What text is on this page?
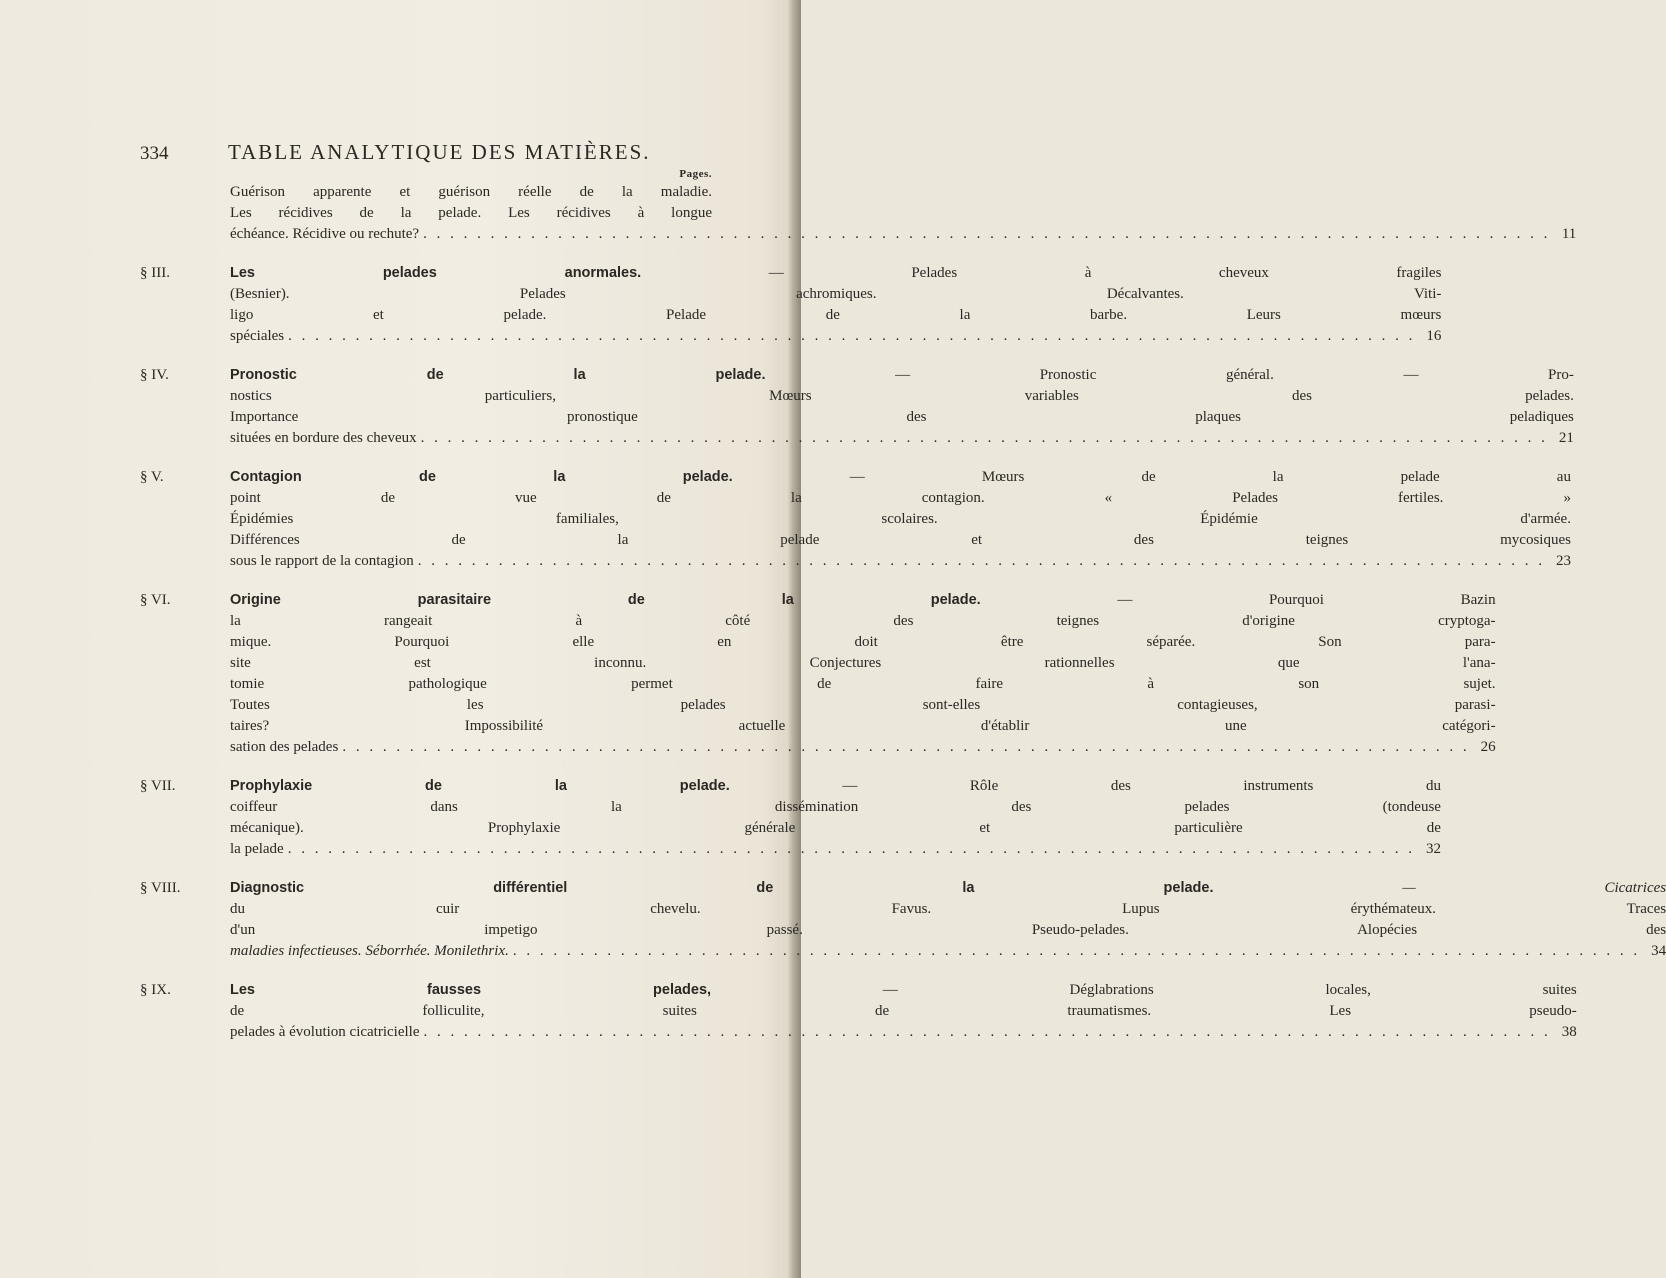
334	TABLE ANALYTIQUE DES MATIÈRES.
Pages.
Guérison apparente et guérison réelle de la maladie.
Les récidives de la pelade. Les récidives à longue
échéance. Récidive ou rechute? . . .	11
§ III.	Les pelades anormales.	— Pelades à cheveux fragiles
(Besnier). Pelades achromiques. Décalvantes. Viti-
ligo et pelade. Pelade de la barbe. Leurs mœurs
spéciales . . .	16
§ IV.	Pronostic de la pelade.	— Pronostic général. — Pro-
nostics particuliers, Mœurs variables des pelades.
Importance pronostique des plaques peladiques
situées en bordure des cheveux . . .	21
§ V.	Contagion de la pelade.	— Mœurs de la pelade au
point de vue de la contagion. « Pelades fertiles. »
Épidémies familiales, scolaires. Épidémie d'armée.
Différences de la pelade et des teignes mycosiques
sous le rapport de la contagion . . .	23
§ VI.	Origine parasitaire de la pelade.	— Pourquoi Bazin
la rangeait à côté des teignes d'origine cryptoga-
mique. Pourquoi elle en doit être séparée. Son para-
site est inconnu. Conjectures rationnelles que l'ana-
tomie pathologique permet de faire à son sujet.
Toutes les pelades sont-elles contagieuses, parasi-
taires? Impossibilité actuelle d'établir une catégori-
sation des pelades . . .	26
§ VII.	Prophylaxie de la pelade.	— Rôle des instruments du
coiffeur dans la dissémination des pelades (tondeuse
mécanique). Prophylaxie générale et particulière de
la pelade . . .	32
§ VIII.	Diagnostic différentiel de la pelade.	— Cicatrices
du cuir chevelu. Favus. Lupus érythémateux. Traces
d'un impetigo passé. Pseudo-pelades. Alopécies des
maladies infectieuses. Séborrhée. Monilethrix. . . .	34
§ IX.	Les fausses pelades,	— Déglabrations locales, suites
de folliculite, suites de traumatismes. Les pseudo-
pelades à évolution cicatricielle . . .	38
